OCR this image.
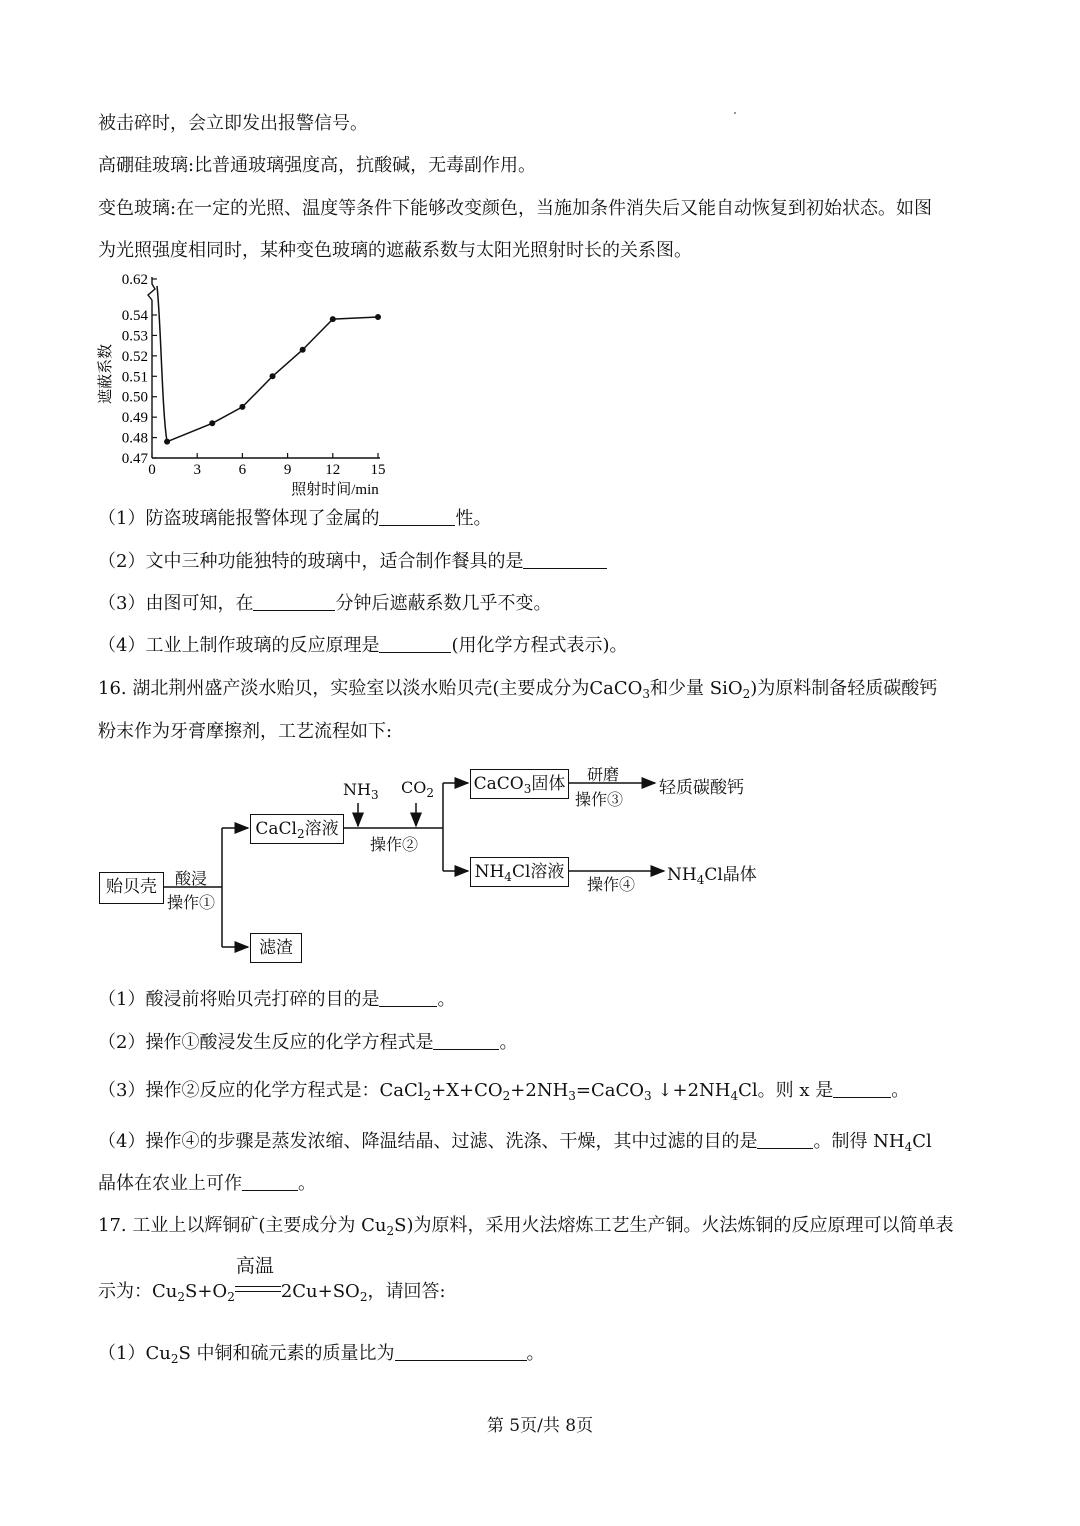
被击碎时，会立即发出报警信号。
高硼硅玻璃:比普通玻璃强度高，抗酸碱，无毒副作用。
变色玻璃:在一定的光照、温度等条件下能够改变颜色，当施加条件消失后又能自动恢复到初始状态。如图
为光照强度相同时，某种变色玻璃的遮蔽系数与太阳光照射时长的关系图。
0.47
0.48
0.49
0.50
0.51
0.52
0.53
0.54
0.62
0	3	6	9 12 15
照射时间/min
遮蔽系数
（1）防盗玻璃能报警体现了金属的	性。
（2）文中三种功能独特的玻璃中，适合制作餐具的是
（3）由图可知，在	分钟后遮蔽系数几乎不变。
（4）工业上制作玻璃的反应原理是	(用化学方程式表示)。
16. 湖北荆州盛产淡水贻贝，实验室以淡水贻贝壳(主要成分为CaCO$_3$和少量 SiO$_2$)为原料制备轻质碳酸钙
粉末作为牙膏摩擦剂，工艺流程如下:
贻贝壳	酸浸
操作①
CaCl$_2$溶液
滤渣
$NH_3$ $CO_2$
操作②
CaCO$_3$固体 研磨
操作③
轻质碳酸钙
$NH_4Cl$溶液
操作④ $NH_4Cl$晶体
（1）酸浸前将贻贝壳打碎的目的是	。
（2）操作①酸浸发生反应的化学方程式是	。
（3）操作②反应的化学方程式是：$CaCl_2+X+CO_2+2NH_3=CaCO_3$ $↓+2NH_4Cl$。则 x 是	。
（4）操作④的步骤是蒸发浓缩、降温结晶、过滤、洗涤、干燥，其中过滤的目的是	。制得 $NH_4Cl$
晶体在农业上可作	。
17. 工业上以辉铜矿(主要成分为 $Cu_2S$)为原料，采用火法熔炼工艺生产铜。火法炼铜的反应原理可以简单表
示为：$Cu_2S+O_2$
高温
$2Cu+SO_2$，请回答:
$(1)Cu_2S$ 中铜和硫元素的质量比为	。
第 5页/共 8页
